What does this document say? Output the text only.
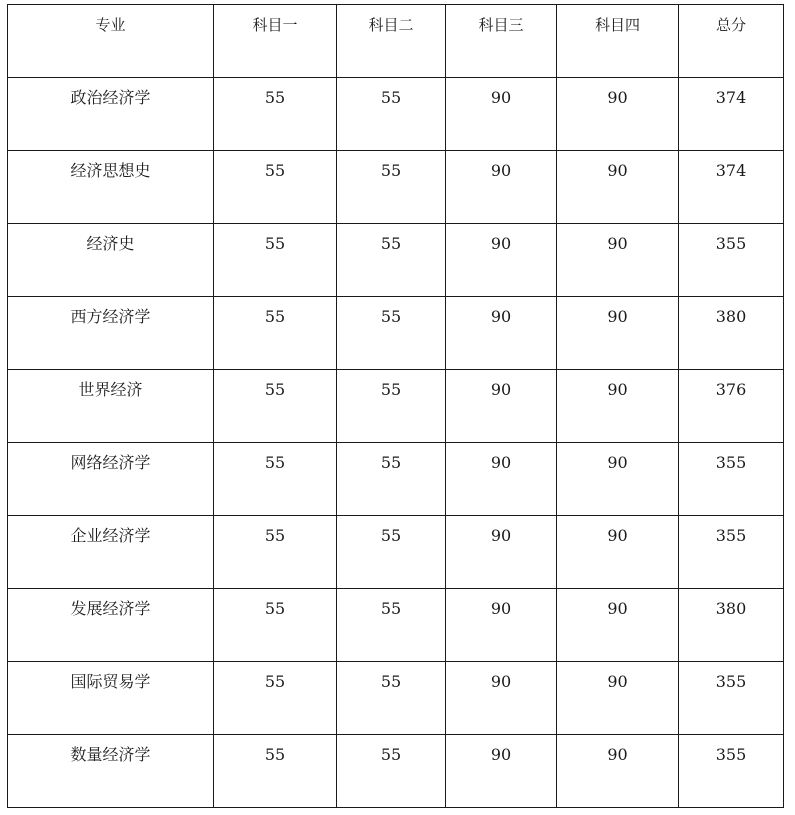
专业	科目一	科目二	科目三	科目四	总分
政治经济学	55	55	90	90	374
经济思想史	55	55	90	90	374
经济史	55	55	90	90	355
西方经济学	55	55	90	90	380
世界经济	55	55	90	90	376
网络经济学	55	55	90	90	355
企业经济学	55	55	90	90	355
发展经济学	55	55	90	90	380
国际贸易学	55	55	90	90	355
数量经济学	55	55	90	90	355
